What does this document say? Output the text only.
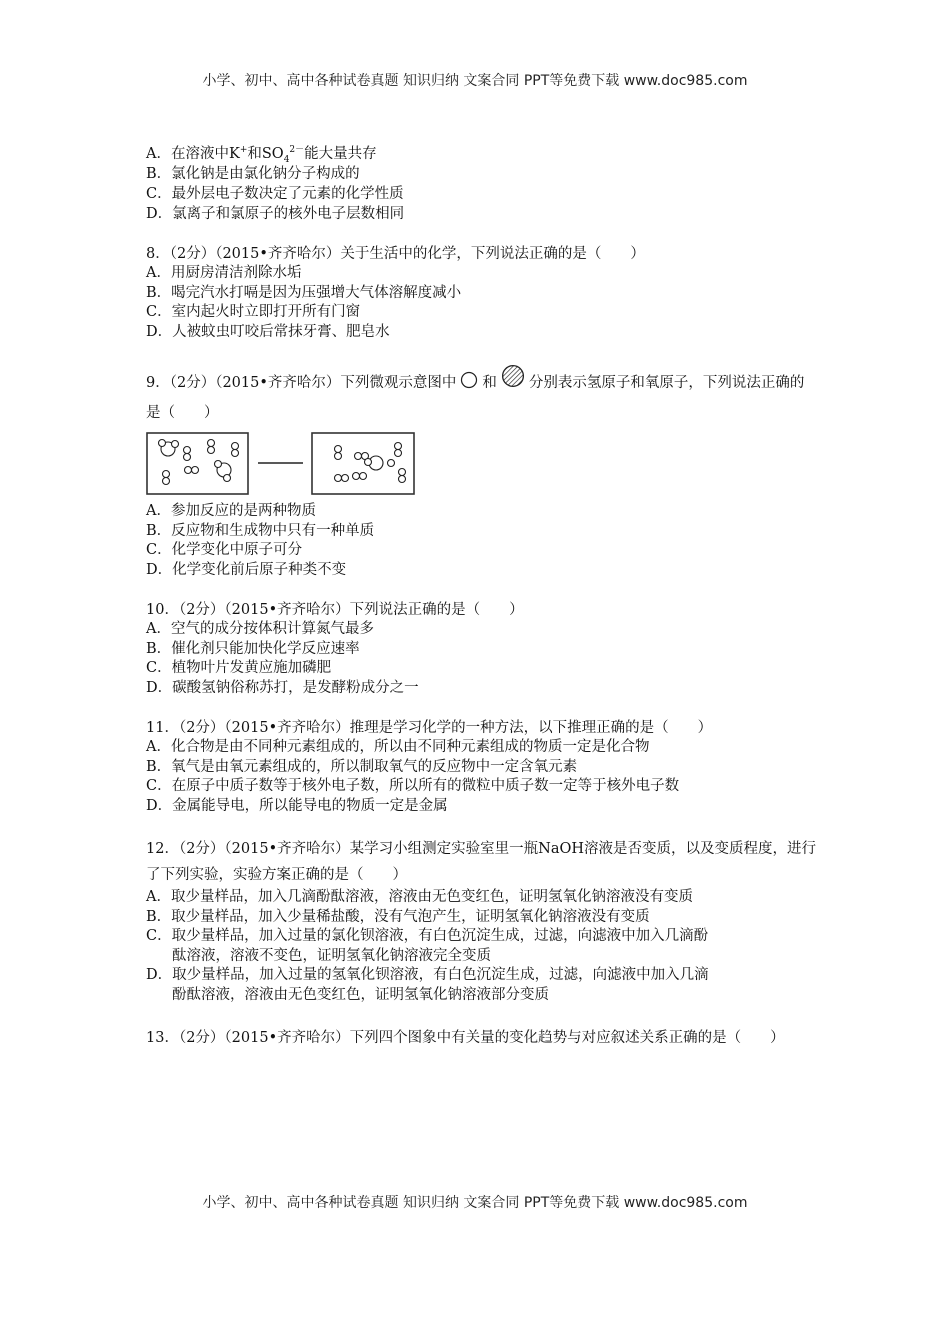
小学、初中、高中各种试卷真题 知识归纳 文案合同 PPT等免费下载 www.doc985.com
A．在溶液中K+和$SO_4^{2-}$能大量共存
B．氯化钠是由氯化钠分子构成的
C．最外层电子数决定了元素的化学性质
D．氯离子和氯原子的核外电子层数相同
8．（2分）（2015•齐齐哈尔）关于生活中的化学，下列说法正确的是（　　）
A．用厨房清洁剂除水垢
B．喝完汽水打嗝是因为压强增大气体溶解度减小
C．室内起火时立即打开所有门窗
D．人被蚊虫叮咬后常抹牙膏、肥皂水
9．（2分）（2015•齐齐哈尔）下列微观示意图中 和 分别表示氢原子和氧原子，下列说法正确的是（　　）
A．参加反应的是两种物质
B．反应物和生成物中只有一种单质
C．化学变化中原子可分
D．化学变化前后原子种类不变
10．（2分）（2015•齐齐哈尔）下列说法正确的是（　　）
A．空气的成分按体积计算氮气最多
B．催化剂只能加快化学反应速率
C．植物叶片发黄应施加磷肥
D．碳酸氢钠俗称苏打，是发酵粉成分之一
11．（2分）（2015•齐齐哈尔）推理是学习化学的一种方法，以下推理正确的是（　　）
A．化合物是由不同种元素组成的，所以由不同种元素组成的物质一定是化合物
B．氧气是由氧元素组成的，所以制取氧气的反应物中一定含氧元素
C．在原子中质子数等于核外电子数，所以所有的微粒中质子数一定等于核外电子数
D．金属能导电，所以能导电的物质一定是金属
12．（2分）（2015•齐齐哈尔）某学习小组测定实验室里一瓶NaOH溶液是否变质，以及变质程度，进行了下列实验，实验方案正确的是（　　）
A．取少量样品，加入几滴酚酞溶液，溶液由无色变红色，证明氢氧化钠溶液没有变质
B．取少量样品，加入少量稀盐酸，没有气泡产生，证明氢氧化钠溶液没有变质
C．取少量样品，加入过量的氯化钡溶液，有白色沉淀生成，过滤，向滤液中加入几滴酚
酞溶液，溶液不变色，证明氢氧化钠溶液完全变质
D．取少量样品，加入过量的氢氧化钡溶液，有白色沉淀生成，过滤，向滤液中加入几滴
酚酞溶液，溶液由无色变红色，证明氢氧化钠溶液部分变质
13．（2分）（2015•齐齐哈尔）下列四个图象中有关量的变化趋势与对应叙述关系正确的是（　　）
小学、初中、高中各种试卷真题 知识归纳 文案合同 PPT等免费下载 www.doc985.com
